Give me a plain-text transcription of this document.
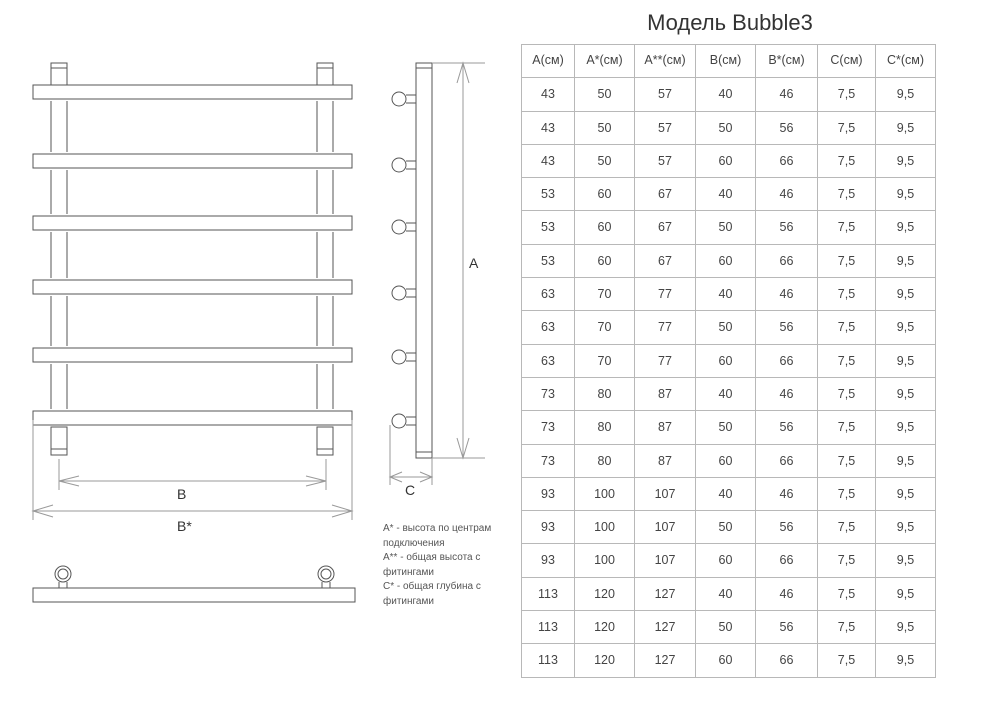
A
B
B*
C
Модель Bubble3
A(см)	A*(см)	A**(см)	B(см)	B*(см)	C(см)	C*(см)
43	50	57	40	46	7,5	9,5
43	50	57	50	56	7,5	9,5
43	50	57	60	66	7,5	9,5
53	60	67	40	46	7,5	9,5
53	60	67	50	56	7,5	9,5
53	60	67	60	66	7,5	9,5
63	70	77	40	46	7,5	9,5
63	70	77	50	56	7,5	9,5
63	70	77	60	66	7,5	9,5
73	80	87	40	46	7,5	9,5
73	80	87	50	56	7,5	9,5
73	80	87	60	66	7,5	9,5
93	100	107	40	46	7,5	9,5
93	100	107	50	56	7,5	9,5
93	100	107	60	66	7,5	9,5
113	120	127	40	46	7,5	9,5
113	120	127	50	56	7,5	9,5
113	120	127	60	66	7,5	9,5
A* - высота по центрам подключения
A** - общая высота с фитингами
C* - общая глубина с фитингами
